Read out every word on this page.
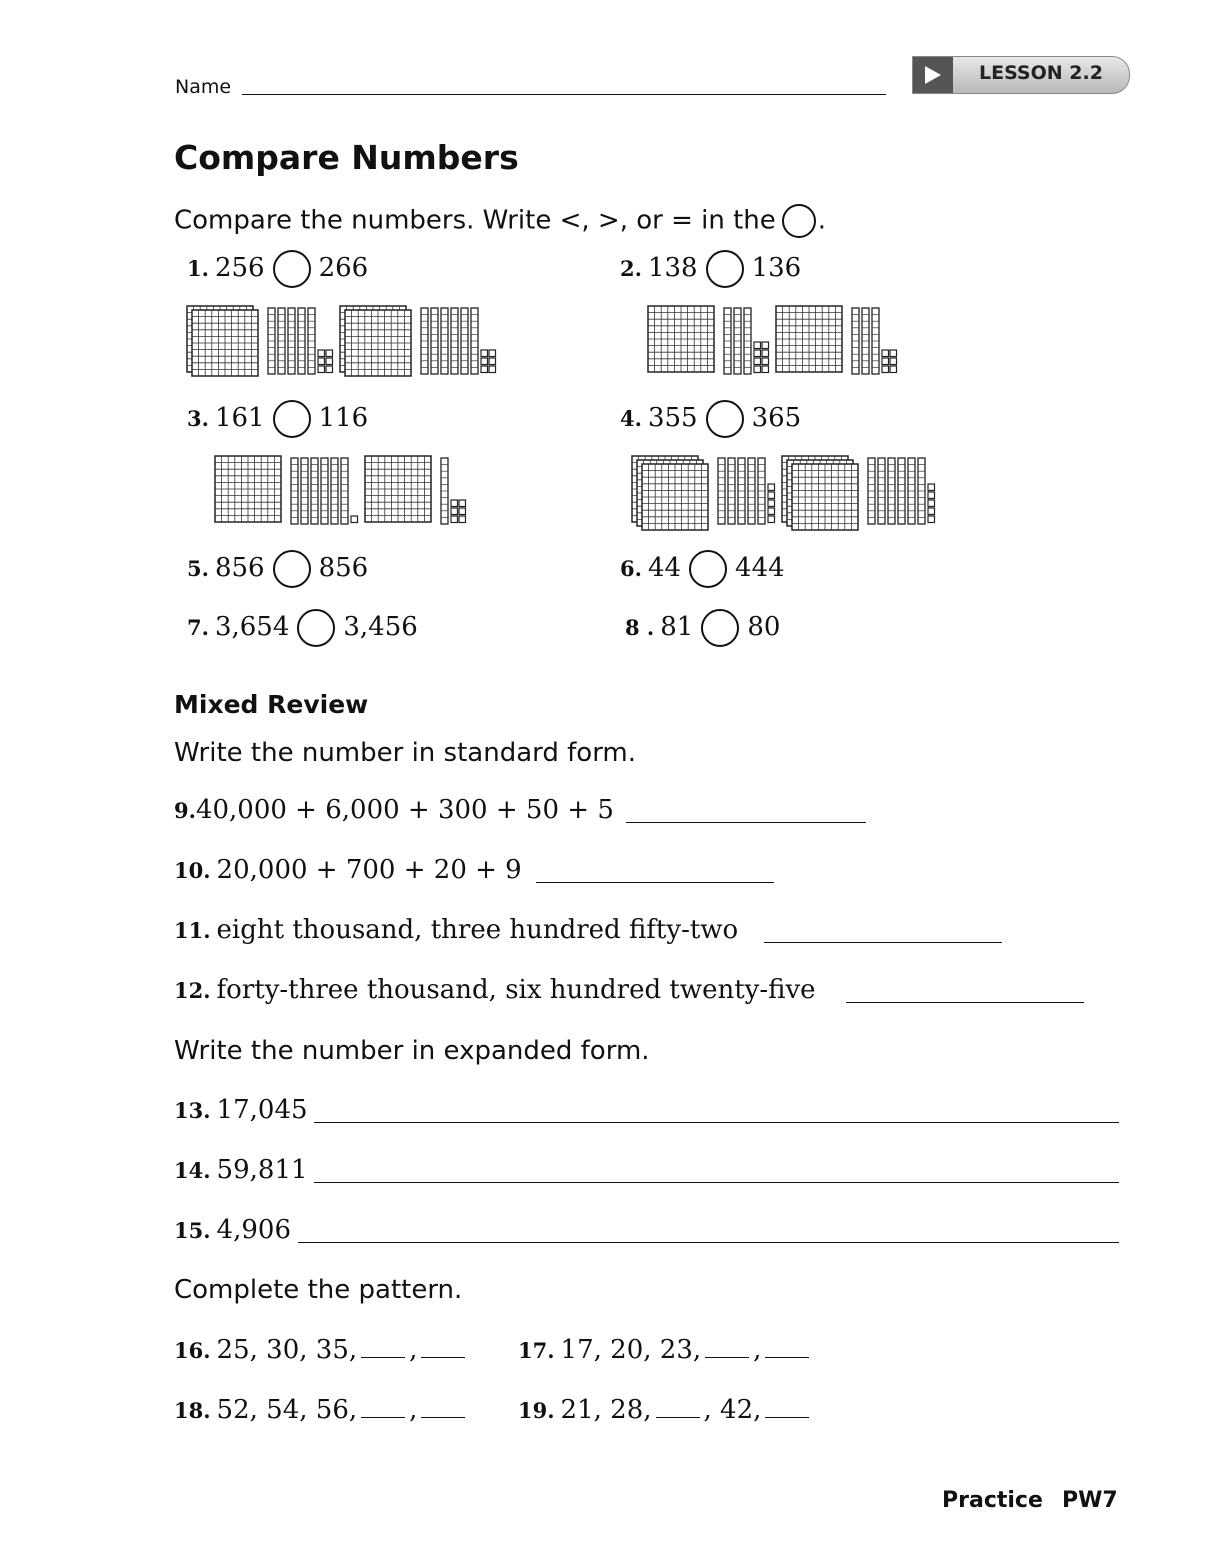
Name
LESSON 2.2
Compare Numbers
Compare the numbers. Write <, >, or = in the .
Mixed Review
Write the number in standard form.
Write the number in expanded form.
Complete the pattern.
Practice PW7
1. 256 266	2. 138 136
3. 161 116	4. 355 365
5. 856 856	6. 44 444
7. 3,654 3,456	8 . 81 80
9.40,000 + 6,000 + 300 + 50 + 5
10. 20,000 + 700 + 20 + 9
11. eight thousand, three hundred fifty-two
12. forty-three thousand, six hundred twenty-five
13. 17,045
14. 59,811
15. 4,906
16. 25, 30, 35, ,	17. 17, 20, 23, ,
18. 52, 54, 56, ,	19. 21, 28, , 42,
